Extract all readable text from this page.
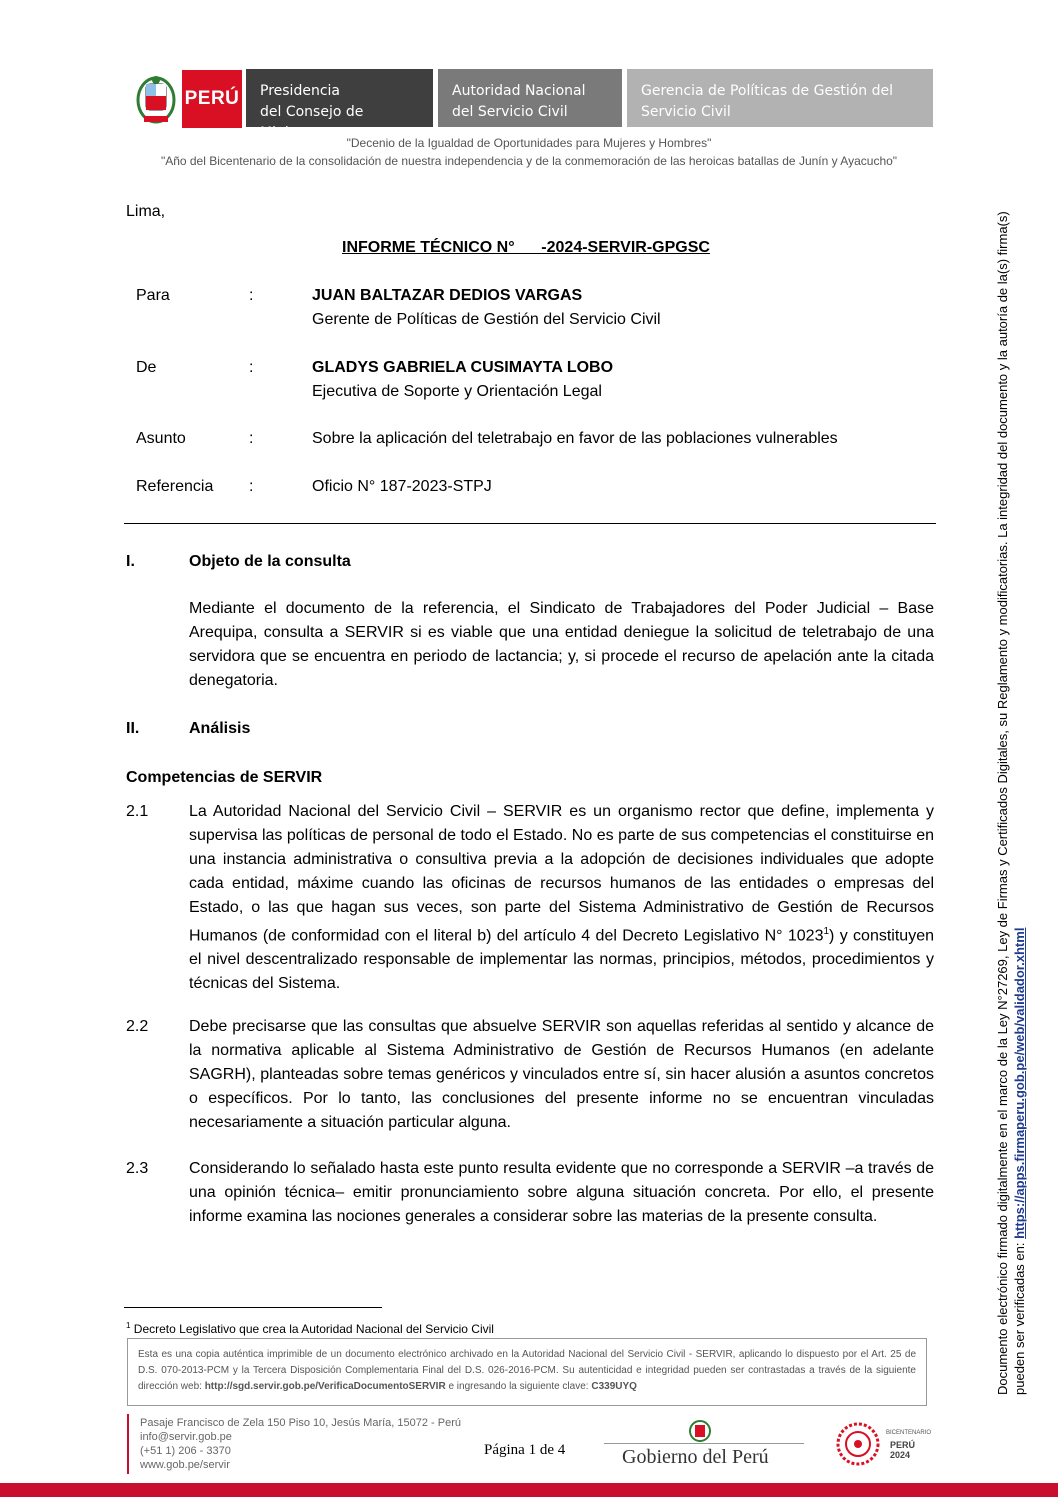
PERÚ Presidencia
del Consejo de Ministros
Autoridad Nacional
del Servicio Civil
Gerencia de Políticas de Gestión del
Servicio Civil
"Decenio de la Igualdad de Oportunidades para Mujeres y Hombres"
"Año del Bicentenario de la consolidación de nuestra independencia y de la conmemoración de las heroicas batallas de Junín y Ayacucho"
Lima,
INFORME TÉCNICO N°      -2024-SERVIR-GPGSC
Para	:	JUAN BALTAZAR DEDIOS VARGAS
Gerente de Políticas de Gestión del Servicio Civil
De	:	GLADYS GABRIELA CUSIMAYTA LOBO
Ejecutiva de Soporte y Orientación Legal
Asunto	:	Sobre la aplicación del teletrabajo en favor de las poblaciones vulnerables
Referencia :	Oficio N° 187-2023-STPJ
I.	Objeto de la consulta
Mediante el documento de la referencia, el Sindicato de Trabajadores del Poder Judicial – Base Arequipa, consulta a SERVIR si es viable que una entidad deniegue la solicitud de teletrabajo de una servidora que se encuentra en periodo de lactancia; y, si procede el recurso de apelación ante la citada denegatoria.
II.	Análisis
Competencias de SERVIR
2.1	La Autoridad Nacional del Servicio Civil – SERVIR es un organismo rector que define, implementa y supervisa las políticas de personal de todo el Estado. No es parte de sus competencias el constituirse en una instancia administrativa o consultiva previa a la adopción de decisiones individuales que adopte cada entidad, máxime cuando las oficinas de recursos humanos de las entidades o empresas del Estado, o las que hagan sus veces, son parte del Sistema Administrativo de Gestión de Recursos Humanos (de conformidad con el literal b) del artículo 4 del Decreto Legislativo N° 1023$^1$) y constituyen el nivel descentralizado responsable de implementar las normas, principios, métodos, procedimientos y técnicas del Sistema.
2.2	Debe precisarse que las consultas que absuelve SERVIR son aquellas referidas al sentido y alcance de la normativa aplicable al Sistema Administrativo de Gestión de Recursos Humanos (en adelante SAGRH), planteadas sobre temas genéricos y vinculados entre sí, sin hacer alusión a asuntos concretos o específicos. Por lo tanto, las conclusiones del presente informe no se encuentran vinculadas necesariamente a situación particular alguna.
2.3	Considerando lo señalado hasta este punto resulta evidente que no corresponde a SERVIR –a través de una opinión técnica– emitir pronunciamiento sobre alguna situación concreta. Por ello, el presente informe examina las nociones generales a considerar sobre las materias de la presente consulta.
$^1$ Decreto Legislativo que crea la Autoridad Nacional del Servicio Civil
Esta es una copia auténtica imprimible de un documento electrónico archivado en la Autoridad Nacional del Servicio Civil - SERVIR, aplicando lo dispuesto por el Art. 25 de D.S. 070-2013-PCM y la Tercera Disposición Complementaria Final del D.S. 026-2016-PCM. Su autenticidad e integridad pueden ser contrastadas a través de la siguiente dirección web: http://sgd.servir.gob.pe/VerificaDocumentoSERVIR e ingresando la siguiente clave: C339UYQ
Pasaje Francisco de Zela 150 Piso 10, Jesús María, 15072 - Perú
info@servir.gob.pe
(+51 1) 206 - 3370
www.gob.pe/servir
Página 1 de 4	Gobierno del Perú
BICENTENARIO
PERÚ
2024
Documento electrónico firmado digitalmente en el marco de la Ley N°27269, Ley de Firmas y Certificados Digitales, su Reglamento y modificatorias. La integridad del documento y la autoría de la(s) firma(s) pueden ser verificadas en: https://apps.firmaperu.gob.pe/web/validador.xhtml
